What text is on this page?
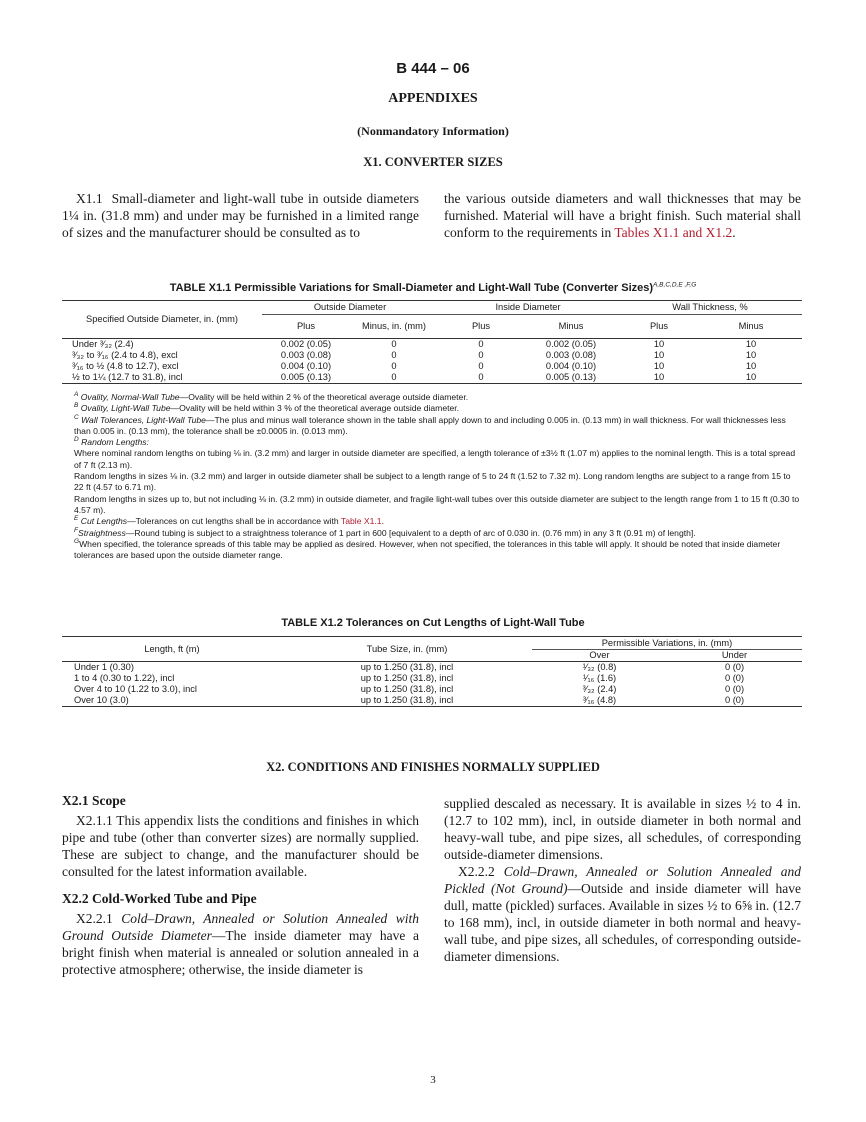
B 444 – 06
APPENDIXES
(Nonmandatory Information)
X1. CONVERTER SIZES
X1.1 Small-diameter and light-wall tube in outside diameters 1¼ in. (31.8 mm) and under may be furnished in a limited range of sizes and the manufacturer should be consulted as to
the various outside diameters and wall thicknesses that may be furnished. Material will have a bright finish. Such material shall conform to the requirements in Tables X1.1 and X1.2.
TABLE X1.1 Permissible Variations for Small-Diameter and Light-Wall Tube (Converter Sizes)$^{A,B,C,D,E ,F,G}$
Specified Outside Diameter, in. (mm)	Outside Diameter		Inside Diameter		Wall Thickness, %	
	Plus	Minus, in. (mm)	Plus	Minus	Plus	Minus
Under ³⁄₃₂ (2.4)	0.002 (0.05)	0	0	0.002 (0.05)	10	10
³⁄₃₂ to ³⁄₁₆ (2.4 to 4.8), excl	0.003 (0.08)	0	0	0.003 (0.08)	10	10
³⁄₁₆ to ½ (4.8 to 12.7), excl	0.004 (0.10)	0	0	0.004 (0.10)	10	10
½ to 1¼ (12.7 to 31.8), incl	0.005 (0.13)	0	0	0.005 (0.13)	10	10

$^A$ Ovality, Normal-Wall Tube—Ovality will be held within 2 % of the theoretical average outside diameter.

$^B$ Ovality, Light-Wall Tube—Ovality will be held within 3 % of the theoretical average outside diameter.

$^C$ Wall Tolerances, Light-Wall Tube—The plus and minus wall tolerance shown in the table shall apply down to and including 0.005 in. (0.13 mm) in wall thickness. For wall thicknesses less than 0.005 in. (0.13 mm), the tolerance shall be ±0.0005 in. (0.013 mm).

$^D$ Random Lengths:

Where nominal random lengths on tubing ⅛ in. (3.2 mm) and larger in outside diameter are specified, a length tolerance of ±3½ ft (1.07 m) applies to the nominal length. This is a total spread of 7 ft (2.13 m).

Random lengths in sizes ⅛ in. (3.2 mm) and larger in outside diameter shall be subject to a length range of 5 to 24 ft (1.52 to 7.32 m). Long random lengths are subject to a range from 15 to 22 ft (4.57 to 6.71 m).

Random lengths in sizes up to, but not including ⅛ in. (3.2 mm) in outside diameter, and fragile light-wall tubes over this outside diameter are subject to the length range from 1 to 15 ft (0.30 to 4.57 m).

$^E$ Cut Lengths—Tolerances on cut lengths shall be in accordance with Table X1.1.

$^F$Straightness—Round tubing is subject to a straightness tolerance of 1 part in 600 [equivalent to a depth of arc of 0.030 in. (0.76 mm) in any 3 ft (0.91 m) of length].

$^G$When specified, the tolerance spreads of this table may be applied as desired. However, when not specified, the tolerances in this table will apply. It should be noted that inside diameter tolerances are based upon the outside diameter range.

TABLE X1.2 Tolerances on Cut Lengths of Light-Wall Tube
Length, ft (m)	Tube Size, in. (mm)	Permissible Variations, in. (mm)	
		Over	Under
Under 1 (0.30)	up to 1.250 (31.8), incl	¹⁄₃₂ (0.8)	0 (0)
1 to 4 (0.30 to 1.22), incl	up to 1.250 (31.8), incl	¹⁄₁₆ (1.6)	0 (0)
Over 4 to 10 (1.22 to 3.0), incl	up to 1.250 (31.8), incl	³⁄₃₂ (2.4)	0 (0)
Over 10 (3.0)	up to 1.250 (31.8), incl	³⁄₁₆ (4.8)	0 (0)
X2. CONDITIONS AND FINISHES NORMALLY SUPPLIED
X2.1 Scope

X2.1.1 This appendix lists the conditions and finishes in which pipe and tube (other than converter sizes) are normally supplied. These are subject to change, and the manufacturer should be consulted for the latest information available.

X2.2 Cold-Worked Tube and Pipe

X2.2.1 Cold–Drawn, Annealed or Solution Annealed with Ground Outside Diameter—The inside diameter may have a bright finish when material is annealed or solution annealed in a protective atmosphere; otherwise, the inside diameter is

supplied descaled as necessary. It is available in sizes ½ to 4 in. (12.7 to 102 mm), incl, in outside diameter in both normal and heavy-wall tube, and pipe sizes, all schedules, of corresponding outside-diameter dimensions.

X2.2.2 Cold–Drawn, Annealed or Solution Annealed and Pickled (Not Ground)—Outside and inside diameter will have dull, matte (pickled) surfaces. Available in sizes ½ to 6⅝ in. (12.7 to 168 mm), incl, in outside diameter in both normal and heavy-wall tube, and pipe sizes, all schedules, of corresponding outside-diameter dimensions.

3
